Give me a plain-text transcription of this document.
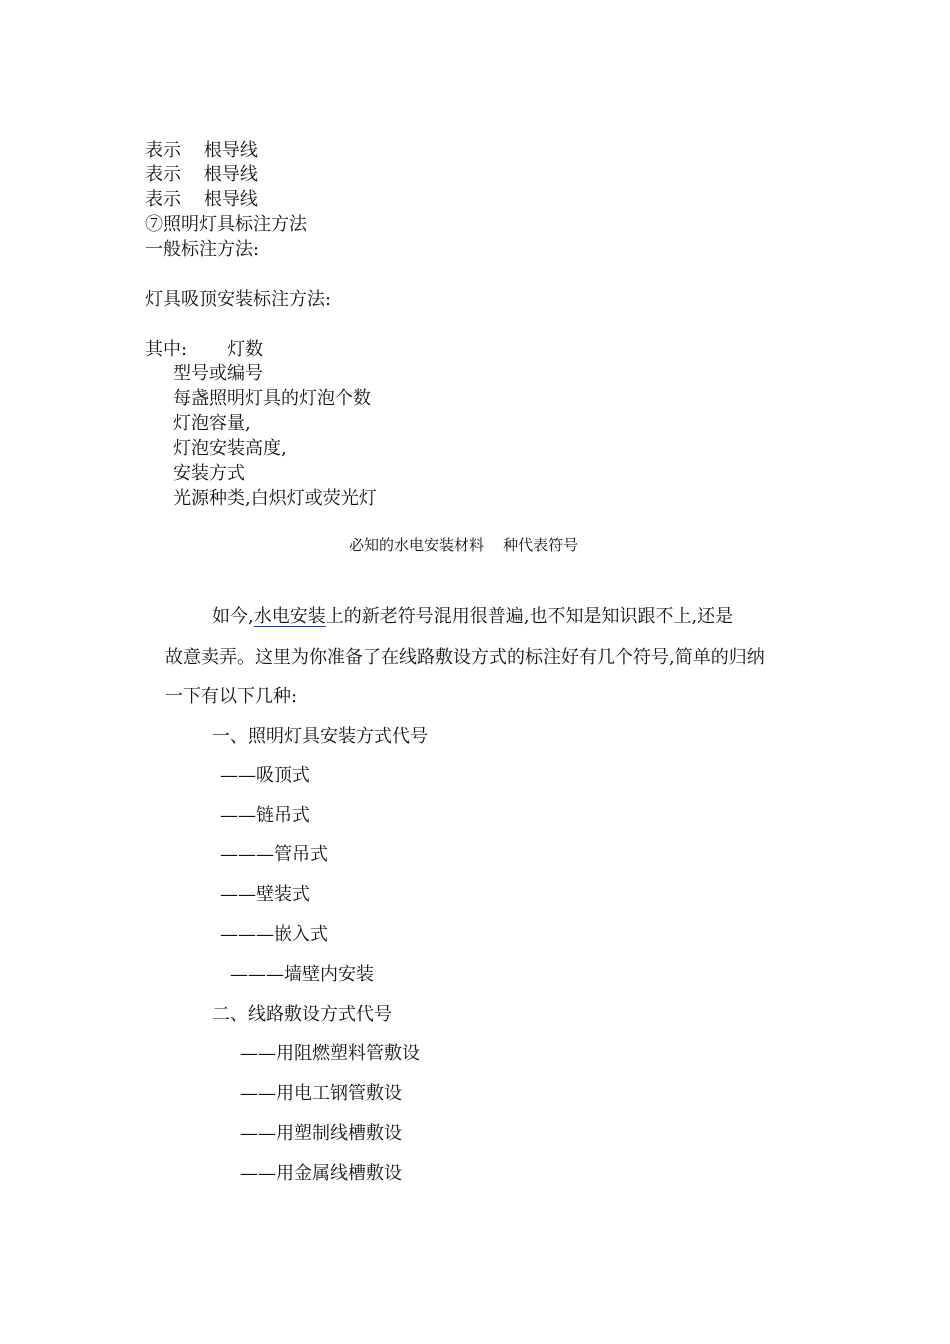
表示    根导线
表示    根导线
表示    根导线
⑦照明灯具标注方法
一般标注方法:
灯具吸顶安装标注方法:
其中:       灯数
型号或编号
每盏照明灯具的灯泡个数
灯泡容量,
灯泡安装高度,
安装方式
光源种类,白炽灯或荧光灯
必知的水电安装材料    种代表符号
如今,水电安装上的新老符号混用很普遍,也不知是知识跟不上,还是
故意卖弄。这里为你准备了在线路敷设方式的标注好有几个符号,简单的归纳
一下有以下几种:
一、照明灯具安装方式代号
——吸顶式
——链吊式
———管吊式
——壁装式
———嵌入式
———墙壁内安装
二、线路敷设方式代号
——用阻燃塑料管敷设
——用电工钢管敷设
——用塑制线槽敷设
——用金属线槽敷设
